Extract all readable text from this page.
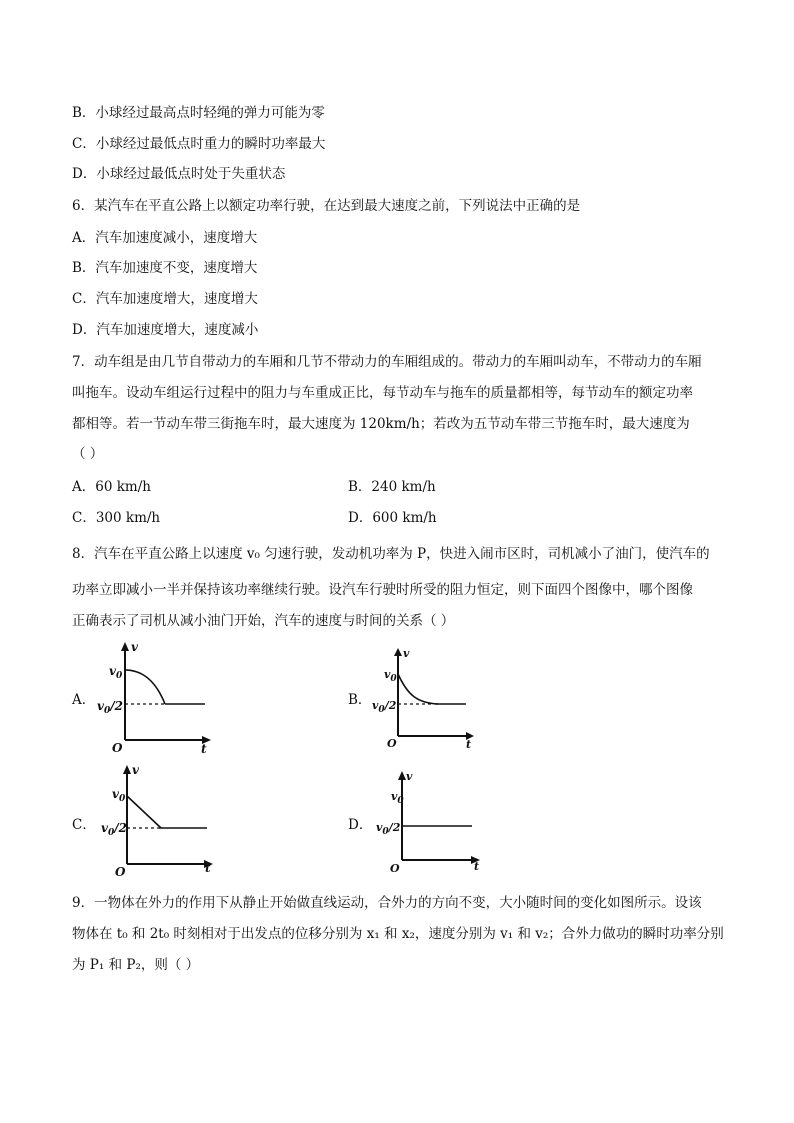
B．小球经过最高点时轻绳的弹力可能为零
C．小球经过最低点时重力的瞬时功率最大
D．小球经过最低点时处于失重状态
6．某汽车在平直公路上以额定功率行驶，在达到最大速度之前，下列说法中正确的是
A．汽车加速度减小，速度增大
B．汽车加速度不变，速度增大
C．汽车加速度增大，速度增大
D．汽车加速度增大，速度减小
7．动车组是由几节自带动力的车厢和几节不带动力的车厢组成的。带动力的车厢叫动车，不带动力的车厢
叫拖车。设动车组运行过程中的阻力与车重成正比，每节动车与拖车的质量都相等，每节动车的额定功率
都相等。若一节动车带三街拖车时，最大速度为 120km/h；若改为五节动车带三节拖车时，最大速度为
（ ）
A．60 km/h	B．240 km/h
C．300 km/h	D．600 km/h
8．汽车在平直公路上以速度 v₀ 匀速行驶，发动机功率为 P，快进入闹市区时，司机减小了油门，使汽车的
功率立即减小一半并保持该功率继续行驶。设汽车行驶时所受的阻力恒定，则下面四个图像中，哪个图像
正确表示了司机从减小油门开始，汽车的速度与时间的关系（ ）
A．	B．
C．	D．
v
O	t
$v_0$
$v_0/2$
v
O	t
$v_0$
$v_0/2$
v
O	t
$v_0$
$v_0/2$
v
O	t
$v_0$
$v_0/2$
9．一物体在外力的作用下从静止开始做直线运动，合外力的方向不变，大小随时间的变化如图所示。设该
物体在 t₀ 和 2t₀ 时刻相对于出发点的位移分别为 x₁ 和 x₂，速度分别为 v₁ 和 v₂；合外力做功的瞬时功率分别
为 P₁ 和 P₂，则（ ）
